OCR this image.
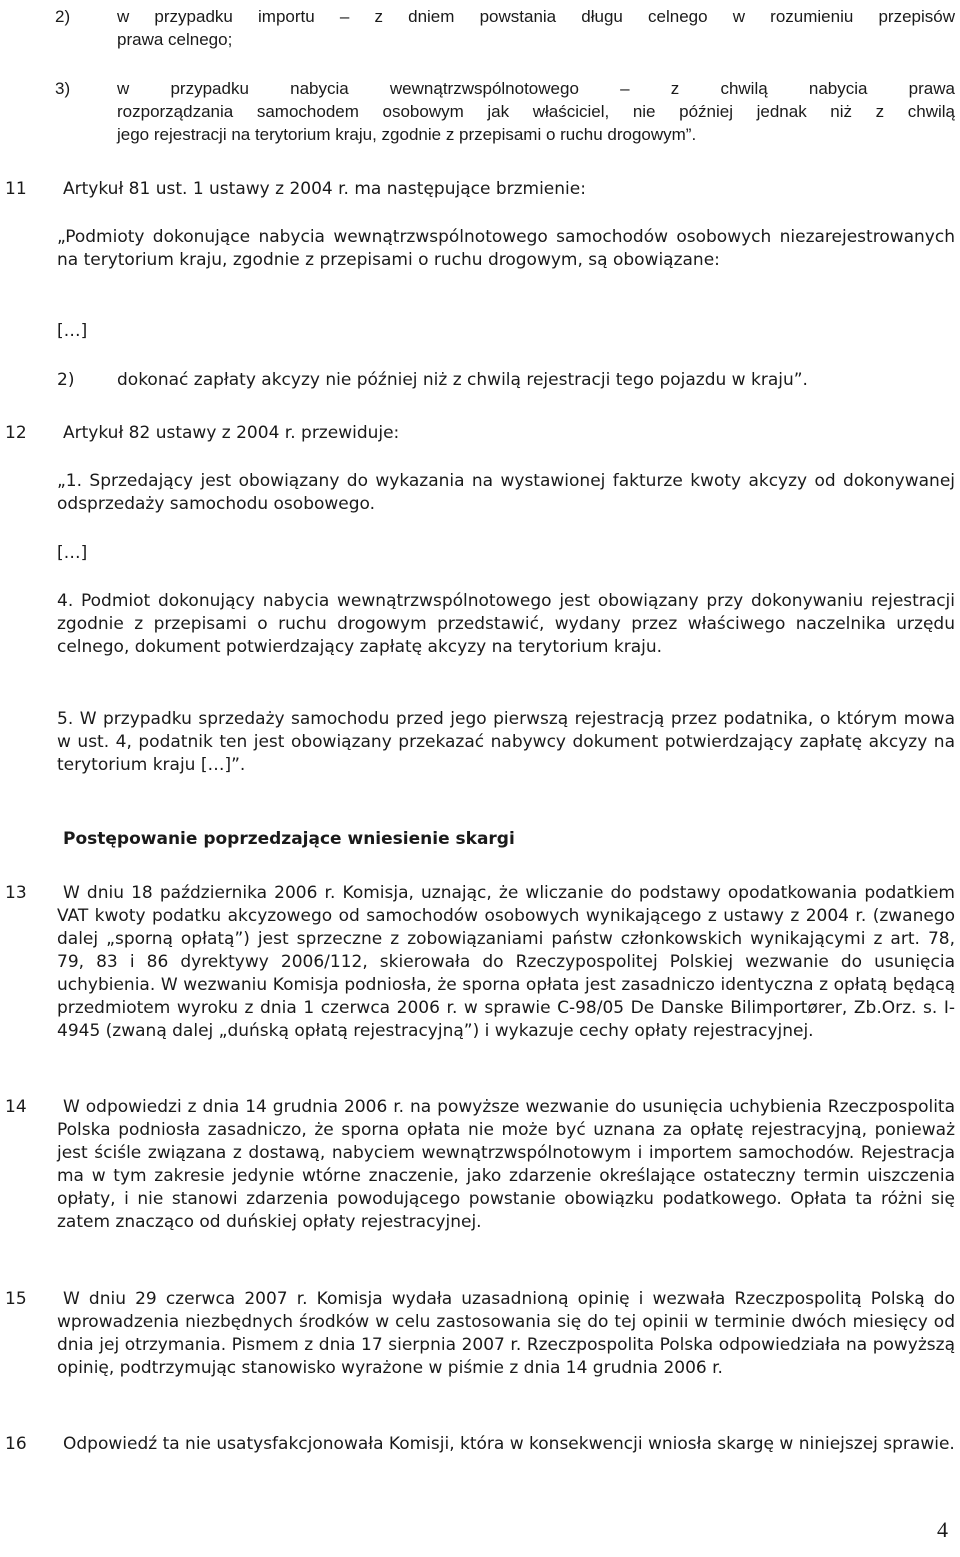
2)	w przypadku importu – z dniem powstania długu celnego w rozumieniu przepisów
prawa celnego;
3)	w przypadku nabycia wewnątrzwspólnotowego – z chwilą nabycia prawa
rozporządzania samochodem osobowym jak właściciel, nie później jednak niż z chwilą
jego rejestracji na terytorium kraju, zgodnie z przepisami o ruchu drogowym”.
11 Artykuł 81 ust. 1 ustawy z 2004 r. ma następujące brzmienie:
„Podmioty dokonujące nabycia wewnątrzwspólnotowego samochodów osobowych niezarejestrowanych na terytorium kraju, zgodnie z przepisami o ruchu drogowym, są obowiązane:
[…]
2)	dokonać zapłaty akcyzy nie później niż z chwilą rejestracji tego pojazdu w kraju”.
12 Artykuł 82 ustawy z 2004 r. przewiduje:
„1. Sprzedający jest obowiązany do wykazania na wystawionej fakturze kwoty akcyzy od dokonywanej odsprzedaży samochodu osobowego.
[…]
4. Podmiot dokonujący nabycia wewnątrzwspólnotowego jest obowiązany przy dokonywaniu rejestracji zgodnie z przepisami o ruchu drogowym przedstawić, wydany przez właściwego naczelnika urzędu celnego, dokument potwierdzający zapłatę akcyzy na terytorium kraju.
5. W przypadku sprzedaży samochodu przed jego pierwszą rejestracją przez podatnika, o którym mowa w ust. 4, podatnik ten jest obowiązany przekazać nabywcy dokument potwierdzający zapłatę akcyzy na terytorium kraju […]”.
Postępowanie poprzedzające wniesienie skargi
13	W dniu 18 października 2006 r. Komisja, uznając, że wliczanie do podstawy opodatkowania podatkiem VAT kwoty podatku akcyzowego od samochodów osobowych wynikającego z ustawy z 2004 r. (zwanego dalej „sporną opłatą”) jest sprzeczne z zobowiązaniami państw członkowskich wynikającymi z art. 78, 79, 83 i 86 dyrektywy 2006/112, skierowała do Rzeczypospolitej Polskiej wezwanie do usunięcia uchybienia. W wezwaniu Komisja podniosła, że sporna opłata jest zasadniczo identyczna z opłatą będącą przedmiotem wyroku z dnia 1 czerwca 2006 r. w sprawie C-98/05 De Danske Bilimportører, Zb.Orz. s. I-4945 (zwaną dalej „duńską opłatą rejestracyjną”) i wykazuje cechy opłaty rejestracyjnej.
14	W odpowiedzi z dnia 14 grudnia 2006 r. na powyższe wezwanie do usunięcia uchybienia Rzeczpospolita Polska podniosła zasadniczo, że sporna opłata nie może być uznana za opłatę rejestracyjną, ponieważ jest ściśle związana z dostawą, nabyciem wewnątrzwspólnotowym i importem samochodów. Rejestracja ma w tym zakresie jedynie wtórne znaczenie, jako zdarzenie określające ostateczny termin uiszczenia opłaty, i nie stanowi zdarzenia powodującego powstanie obowiązku podatkowego. Opłata ta różni się zatem znacząco od duńskiej opłaty rejestracyjnej.
15	W dniu 29 czerwca 2007 r. Komisja wydała uzasadnioną opinię i wezwała Rzeczpospolitą Polską do wprowadzenia niezbędnych środków w celu zastosowania się do tej opinii w terminie dwóch miesięcy od dnia jej otrzymania. Pismem z dnia 17 sierpnia 2007 r. Rzeczpospolita Polska odpowiedziała na powyższą opinię, podtrzymując stanowisko wyrażone w piśmie z dnia 14 grudnia 2006 r.
16	Odpowiedź ta nie usatysfakcjonowała Komisji, która w konsekwencji wniosła skargę w niniejszej sprawie.
4
